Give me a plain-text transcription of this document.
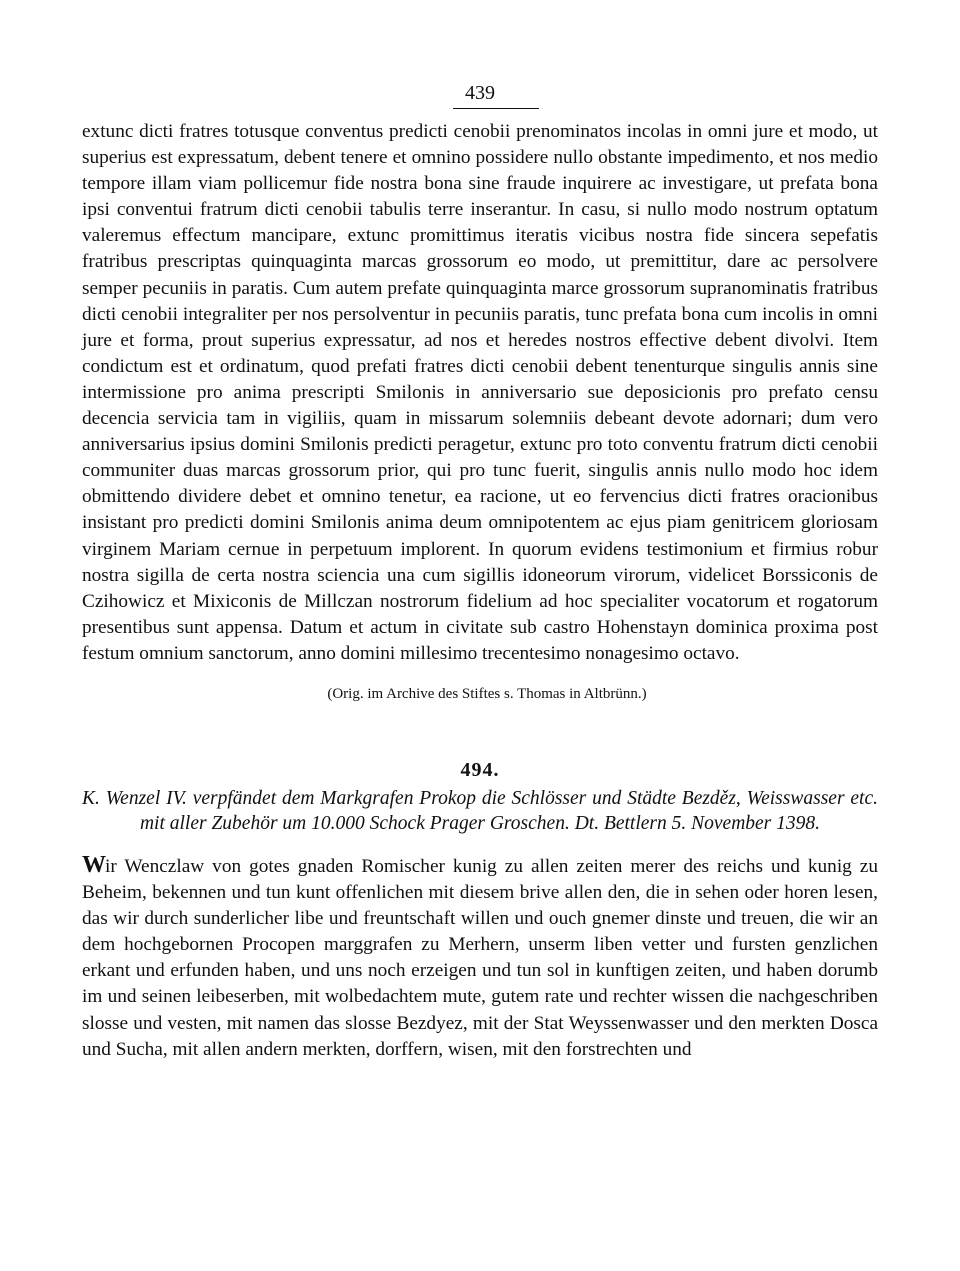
439

extunc dicti fratres totusque conventus predicti cenobii prenominatos incolas in omni jure et modo, ut superius est expressatum, debent tenere et omnino possidere nullo obstante impedimento, et nos medio tempore illam viam pollicemur fide nostra bona sine fraude inquirere ac investigare, ut prefata bona ipsi conventui fratrum dicti cenobii tabulis terre inserantur. In casu, si nullo modo nostrum optatum valeremus effectum mancipare, extunc promittimus iteratis vicibus nostra fide sincera sepefatis fratribus prescriptas quinquaginta marcas grossorum eo modo, ut premittitur, dare ac persolvere semper pecuniis in paratis. Cum autem prefate quinquaginta marce grossorum supranominatis fratribus dicti cenobii integraliter per nos persolventur in pecuniis paratis, tunc prefata bona cum incolis in omni jure et forma, prout superius expressatur, ad nos et heredes nostros effective debent divolvi. Item condictum est et ordinatum, quod prefati fratres dicti cenobii debent tenenturque singulis annis sine intermissione pro anima prescripti Smilonis in anniversario sue deposicionis pro prefato censu decencia servicia tam in vigiliis, quam in missarum solemniis debeant devote adornari; dum vero anniversarius ipsius domini Smilonis predicti peragetur, extunc pro toto conventu fratrum dicti cenobii communiter duas marcas grossorum prior, qui pro tunc fuerit, singulis annis nullo modo hoc idem obmittendo dividere debet et omnino tenetur, ea racione, ut eo fervencius dicti fratres oracionibus insistant pro predicti domini Smilonis anima deum omnipotentem ac ejus piam genitricem gloriosam virginem Mariam cernue in perpetuum implorent. In quorum evidens testimonium et firmius robur nostra sigilla de certa nostra sciencia una cum sigillis idoneorum virorum, videlicet Borssiconis de Czihowicz et Mixiconis de Millczan nostrorum fidelium ad hoc specialiter vocatorum et rogatorum presentibus sunt appensa. Datum et actum in civitate sub castro Hohenstayn dominica proxima post festum omnium sanctorum, anno domini millesimo trecentesimo nonagesimo octavo.

(Orig. im Archive des Stiftes s. Thomas in Altbrünn.)
494.

K. Wenzel IV. verpfändet dem Markgrafen Prokop die Schlösser und Städte Bezděz, Weisswasser etc. mit aller Zubehör um 10.000 Schock Prager Groschen. Dt. Bettlern 5. November 1398.

Wir Wenczlaw von gotes gnaden Romischer kunig zu allen zeiten merer des reichs und kunig zu Beheim, bekennen und tun kunt offenlichen mit diesem brive allen den, die in sehen oder horen lesen, das wir durch sunderlicher libe und freuntschaft willen und ouch gnemer dinste und treuen, die wir an dem hochgebornen Procopen marggrafen zu Merhern, unserm liben vetter und fursten genzlichen erkant und erfunden haben, und uns noch erzeigen und tun sol in kunftigen zeiten, und haben dorumb im und seinen leibeserben, mit wolbedachtem mute, gutem rate und rechter wissen die nachgeschriben slosse und vesten, mit namen das slosse Bezdyez, mit der Stat Weyssenwasser und den merkten Dosca und Sucha, mit allen andern merkten, dorffern, wisen, mit den forstrechten und
